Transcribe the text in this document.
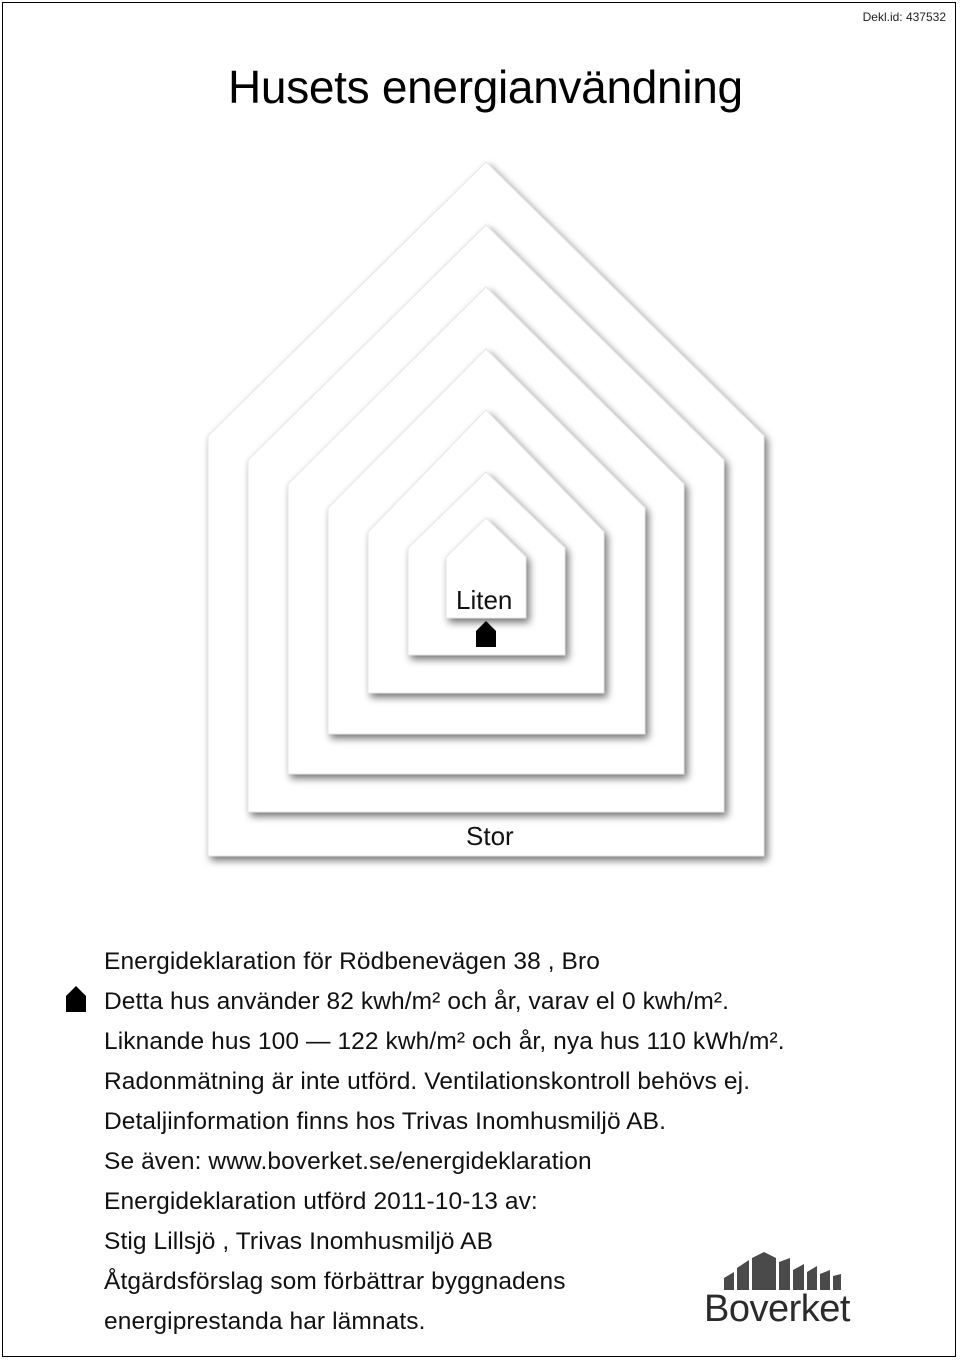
Dekl.id: 437532
Husets energianvändning
Liten
Stor
Energideklaration för Rödbenevägen 38 , Bro
Detta hus använder 82 kwh/m² och år, varav el 0 kwh/m².
Liknande hus 100 — 122 kwh/m² och år, nya hus 110 kWh/m².
Radonmätning är inte utförd. Ventilationskontroll behövs ej.
Detaljinformation finns hos Trivas Inomhusmiljö AB.
Se även: www.boverket.se/energideklaration
Energideklaration utförd 2011-10-13 av:
Stig Lillsjö , Trivas Inomhusmiljö AB
Åtgärdsförslag som förbättrar byggnadens
energiprestanda har lämnats.	Boverket
